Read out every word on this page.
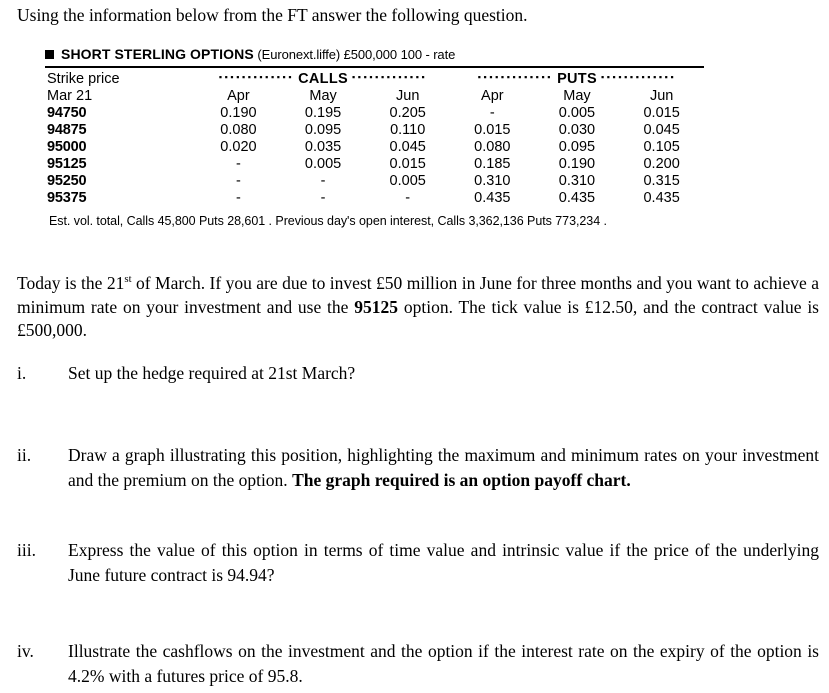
Using the information below from the FT answer the following question.
SHORT STERLING OPTIONS (Euronext.liffe) £500,000 100 - rate
Strike price	▪▪▪▪▪▪▪▪▪▪▪▪▪ CALLS ▪▪▪▪▪▪▪▪▪▪▪▪▪			▪▪▪▪▪▪▪▪▪▪▪▪▪ PUTS ▪▪▪▪▪▪▪▪▪▪▪▪▪		
Mar 21	Apr	May	Jun	Apr	May	Jun
94750	0.190	0.195	0.205	-	0.005	0.015
94875	0.080	0.095	0.110	0.015	0.030	0.045
95000	0.020	0.035	0.045	0.080	0.095	0.105
95125	-	0.005	0.015	0.185	0.190	0.200
95250	-	-	0.005	0.310	0.310	0.315
95375	-	-	-	0.435	0.435	0.435
Est. vol. total, Calls 45,800 Puts 28,601 . Previous day's open interest, Calls 3,362,136 Puts 773,234 .
Today is the 21st of March. If you are due to invest £50 million in June for three months and you want to achieve a minimum rate on your investment and use the 95125 option. The tick value is £12.50, and the contract value is £500,000.
i.	Set up the hedge required at 21st March?
ii.	Draw a graph illustrating this position, highlighting the maximum and minimum rates on your investment and the premium on the option. The graph required is an option payoff chart.
iii.	Express the value of this option in terms of time value and intrinsic value if the price of the underlying June future contract is 94.94?
iv.	Illustrate the cashflows on the investment and the option if the interest rate on the expiry of the option is 4.2% with a futures price of 95.8.
